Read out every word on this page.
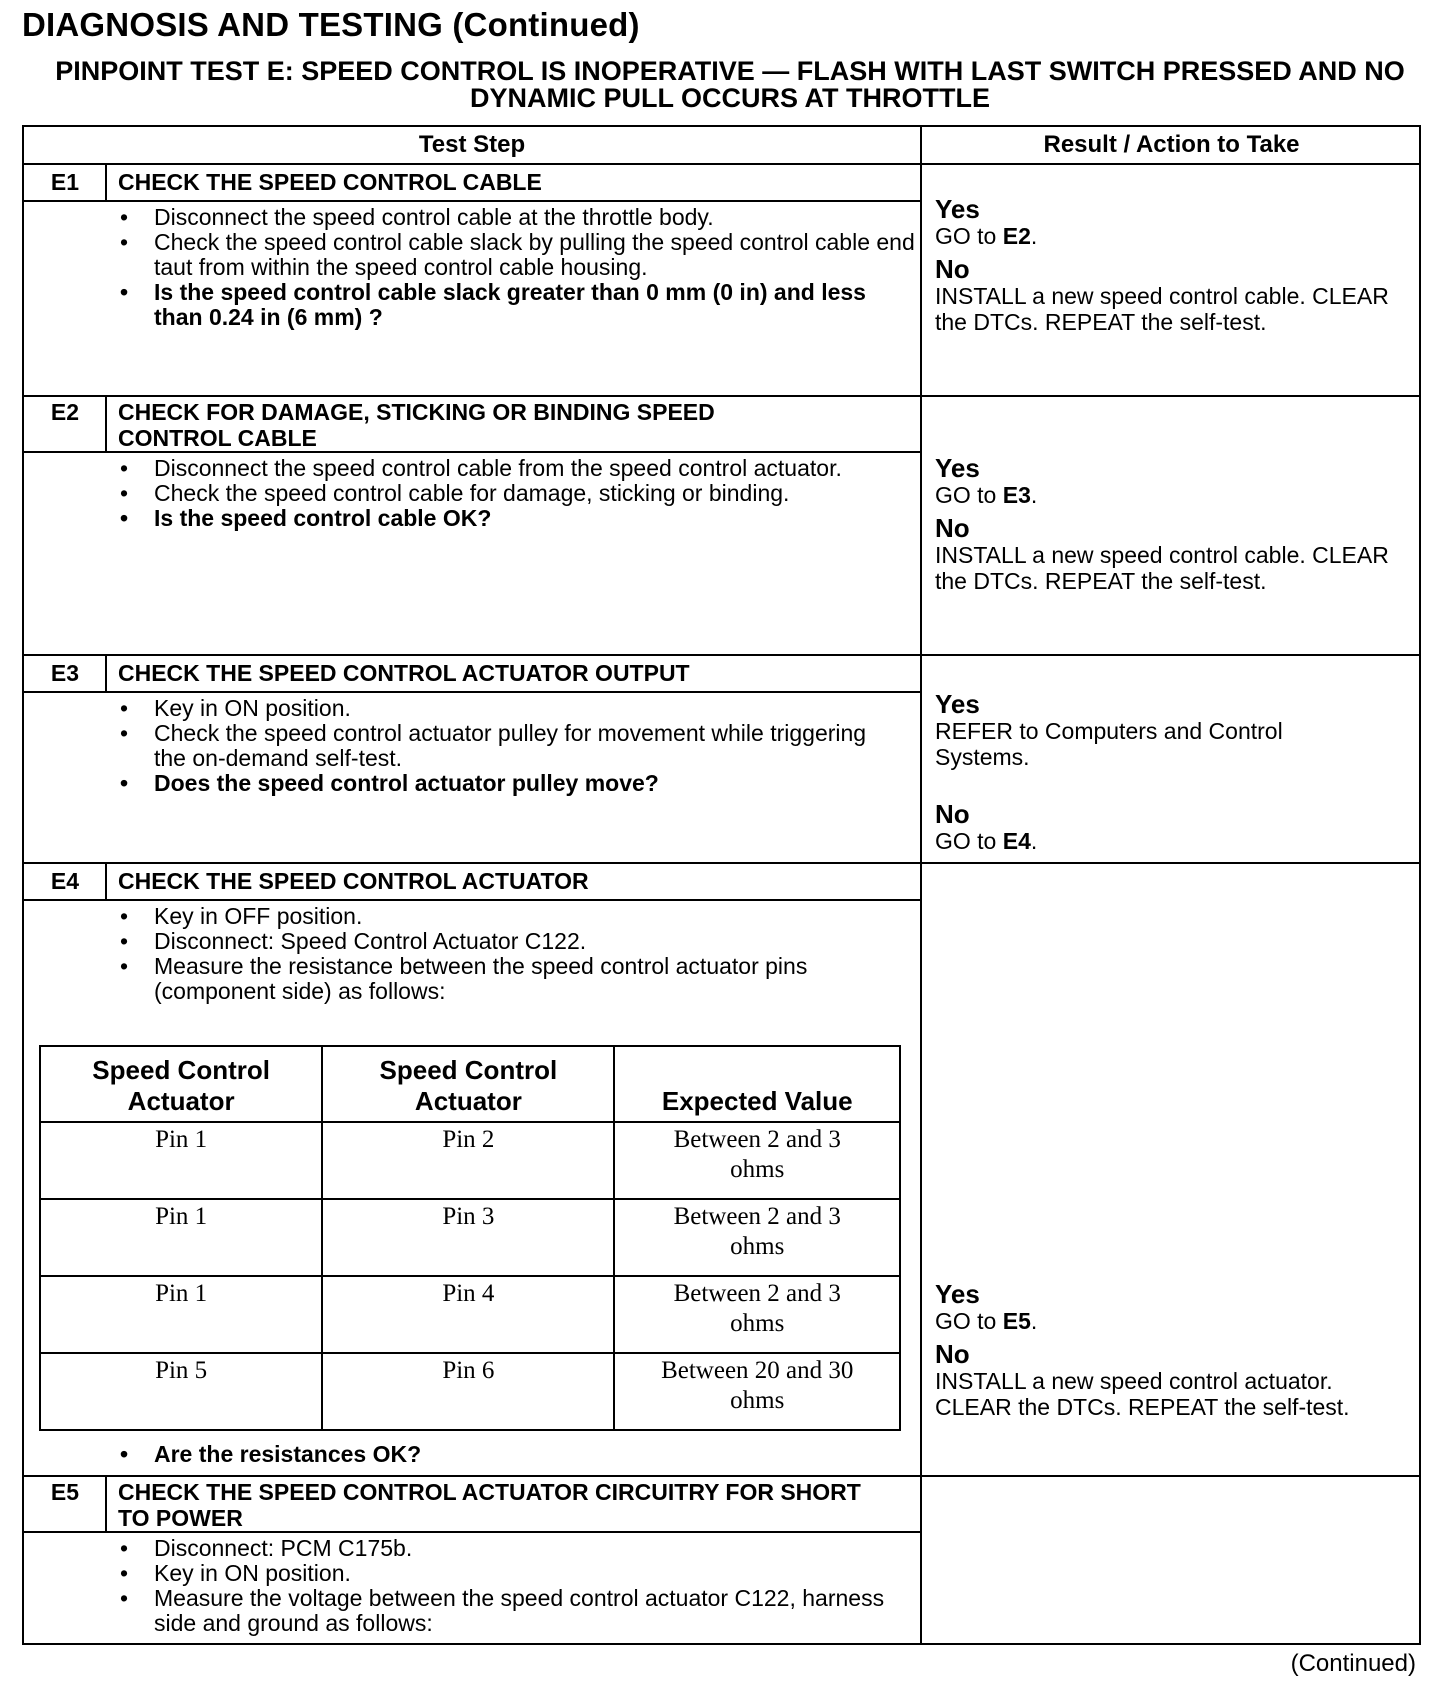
DIAGNOSIS AND TESTING (Continued)
PINPOINT TEST E: SPEED CONTROL IS INOPERATIVE — FLASH WITH LAST SWITCH PRESSED AND NO DYNAMIC PULL OCCURS AT THROTTLE
Test Step	Result / Action to Take
E1	CHECK THE SPEED CONTROL CABLE
• Disconnect the speed control cable at the throttle body.
• Check the speed control cable slack by pulling the speed control cable end taut from within the speed control cable housing.
• Is the speed control cable slack greater than 0 mm (0 in) and less than 0.24 in (6 mm) ?
Yes
GO to E2.
No
INSTALL a new speed control cable. CLEAR the DTCs. REPEAT the self-test.
E2	CHECK FOR DAMAGE, STICKING OR BINDING SPEED CONTROL CABLE
• Disconnect the speed control cable from the speed control actuator.
• Check the speed control cable for damage, sticking or binding.
• Is the speed control cable OK?
Yes
GO to E3.
No
INSTALL a new speed control cable. CLEAR the DTCs. REPEAT the self-test.
E3	CHECK THE SPEED CONTROL ACTUATOR OUTPUT
• Key in ON position.
• Check the speed control actuator pulley for movement while triggering the on-demand self-test.
• Does the speed control actuator pulley move?
Yes
REFER to Computers and Control Systems.
No
GO to E4.
E4	CHECK THE SPEED CONTROL ACTUATOR
• Key in OFF position.
• Disconnect: Speed Control Actuator C122.
• Measure the resistance between the speed control actuator pins (component side) as follows:
Speed Control Actuator	Speed Control Actuator	Expected Value
Pin 1	Pin 2	Between 2 and 3 ohms
Pin 1	Pin 3	Between 2 and 3 ohms
Pin 1	Pin 4	Between 2 and 3 ohms
Pin 5	Pin 6	Between 20 and 30 ohms
• Are the resistances OK?
Yes
GO to E5.
No
INSTALL a new speed control actuator. CLEAR the DTCs. REPEAT the self-test.
E5	CHECK THE SPEED CONTROL ACTUATOR CIRCUITRY FOR SHORT TO POWER
• Disconnect: PCM C175b.
• Key in ON position.
• Measure the voltage between the speed control actuator C122, harness side and ground as follows:
(Continued)
